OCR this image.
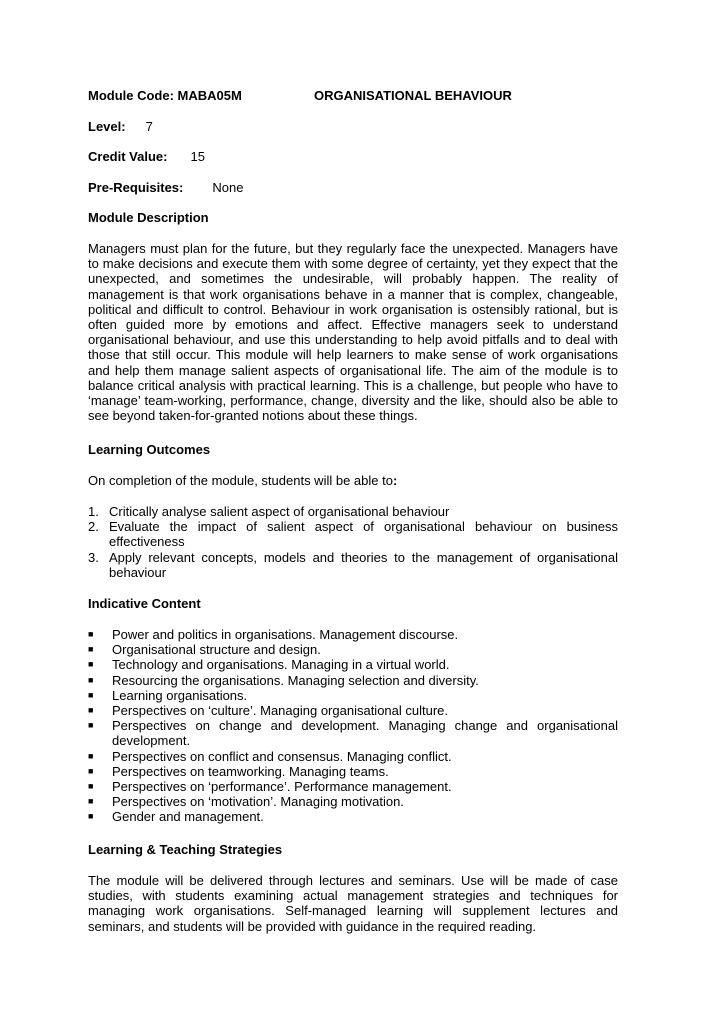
Module Code: MABA05M	ORGANISATIONAL BEHAVIOUR
Level: 7
Credit Value: 15
Pre-Requisites: None
Module Description
Managers must plan for the future, but they regularly face the unexpected. Managers have to make decisions and execute them with some degree of certainty, yet they expect that the unexpected, and sometimes the undesirable, will probably happen. The reality of management is that work organisations behave in a manner that is complex, changeable, political and difficult to control. Behaviour in work organisation is ostensibly rational, but is often guided more by emotions and affect. Effective managers seek to understand organisational behaviour, and use this understanding to help avoid pitfalls and to deal with those that still occur. This module will help learners to make sense of work organisations and help them manage salient aspects of organisational life. The aim of the module is to balance critical analysis with practical learning. This is a challenge, but people who have to ‘manage’ team-working, performance, change, diversity and the like, should also be able to see beyond taken-for-granted notions about these things.
Learning Outcomes
On completion of the module, students will be able to:
1. Critically analyse salient aspect of organisational behaviour
2. Evaluate the impact of salient aspect of organisational behaviour on business effectiveness
3. Apply relevant concepts, models and theories to the management of organisational behaviour
Indicative Content
■ Power and politics in organisations. Management discourse.
■ Organisational structure and design.
■ Technology and organisations. Managing in a virtual world.
■ Resourcing the organisations. Managing selection and diversity.
■ Learning organisations.
■ Perspectives on ‘culture’. Managing organisational culture.
■ Perspectives on change and development. Managing change and organisational development.
■ Perspectives on conflict and consensus. Managing conflict.
■ Perspectives on teamworking. Managing teams.
■ Perspectives on ‘performance’. Performance management.
■ Perspectives on ‘motivation’. Managing motivation.
■ Gender and management.
Learning & Teaching Strategies
The module will be delivered through lectures and seminars. Use will be made of case studies, with students examining actual management strategies and techniques for managing work organisations. Self-managed learning will supplement lectures and seminars, and students will be provided with guidance in the required reading.
